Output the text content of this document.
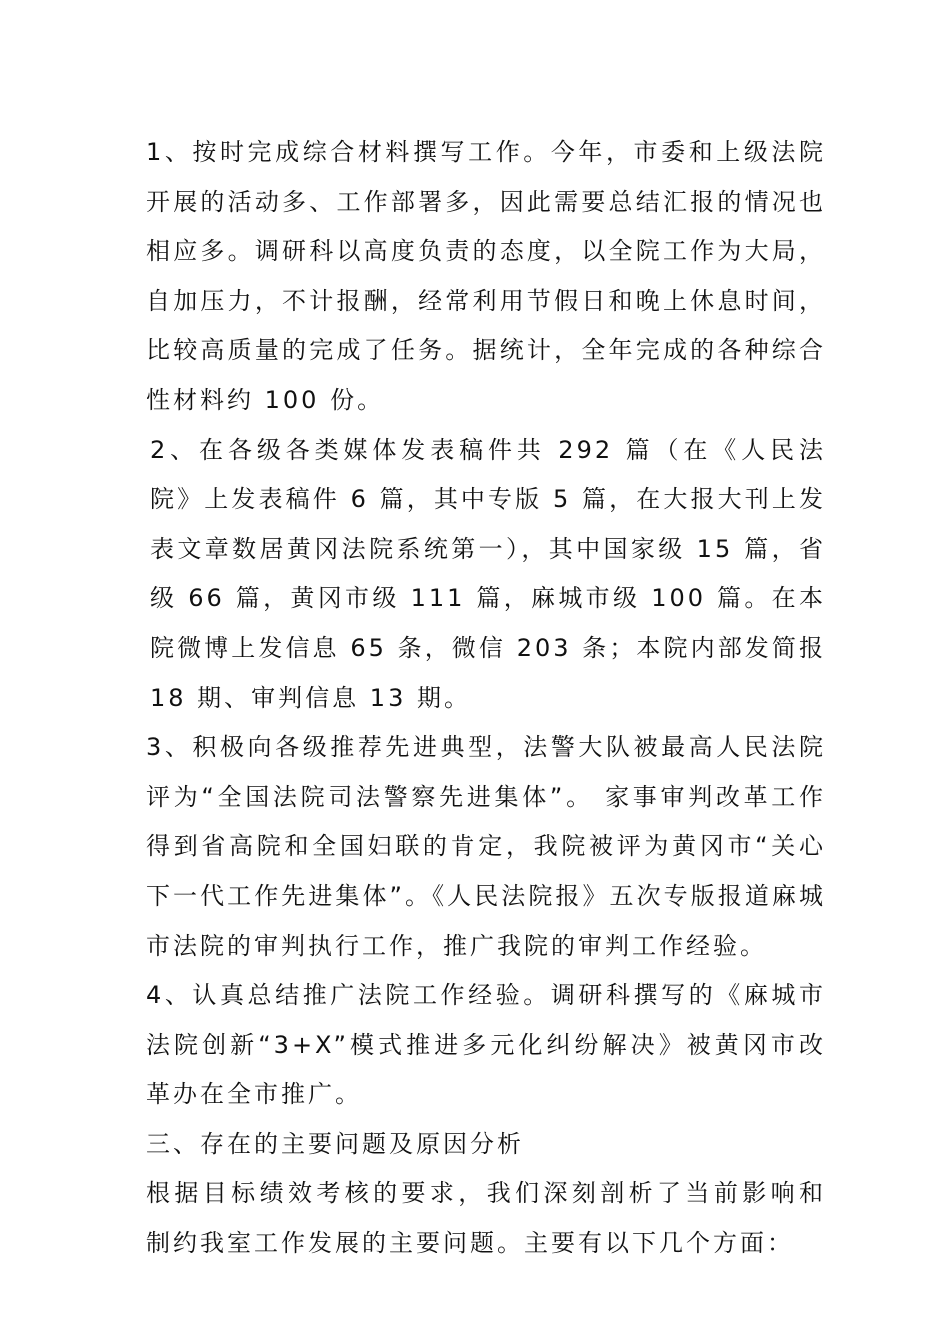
1、按时完成综合材料撰写工作。今年，市委和上级法院开展的活动多、工作部署多，因此需要总结汇报的情况也相应多。调研科以高度负责的态度，以全院工作为大局，自加压力，不计报酬，经常利用节假日和晚上休息时间，比较高质量的完成了任务。据统计，全年完成的各种综合性材料约 100 份。

2、在各级各类媒体发表稿件共 292 篇（在《人民法院》上发表稿件 6 篇，其中专版 5 篇，在大报大刊上发表文章数居黄冈法院系统第一），其中国家级 15 篇，省级 66 篇，黄冈市级 111 篇，麻城市级 100 篇。在本院微博上发信息 65 条，微信 203 条；本院内部发简报 18 期、审判信息 13 期。

3、积极向各级推荐先进典型，法警大队被最高人民法院评为“全国法院司法警察先进集体”。 家事审判改革工作得到省高院和全国妇联的肯定，我院被评为黄冈市“关心下一代工作先进集体”。《人民法院报》五次专版报道麻城市法院的审判执行工作，推广我院的审判工作经验。

4、认真总结推广法院工作经验。调研科撰写的《麻城市法院创新“3+X”模式推进多元化纠纷解决》被黄冈市改革办在全市推广。

三、存在的主要问题及原因分析

根据目标绩效考核的要求，我们深刻剖析了当前影响和 制约我室工作发展的主要问题。主要有以下几个方面：
